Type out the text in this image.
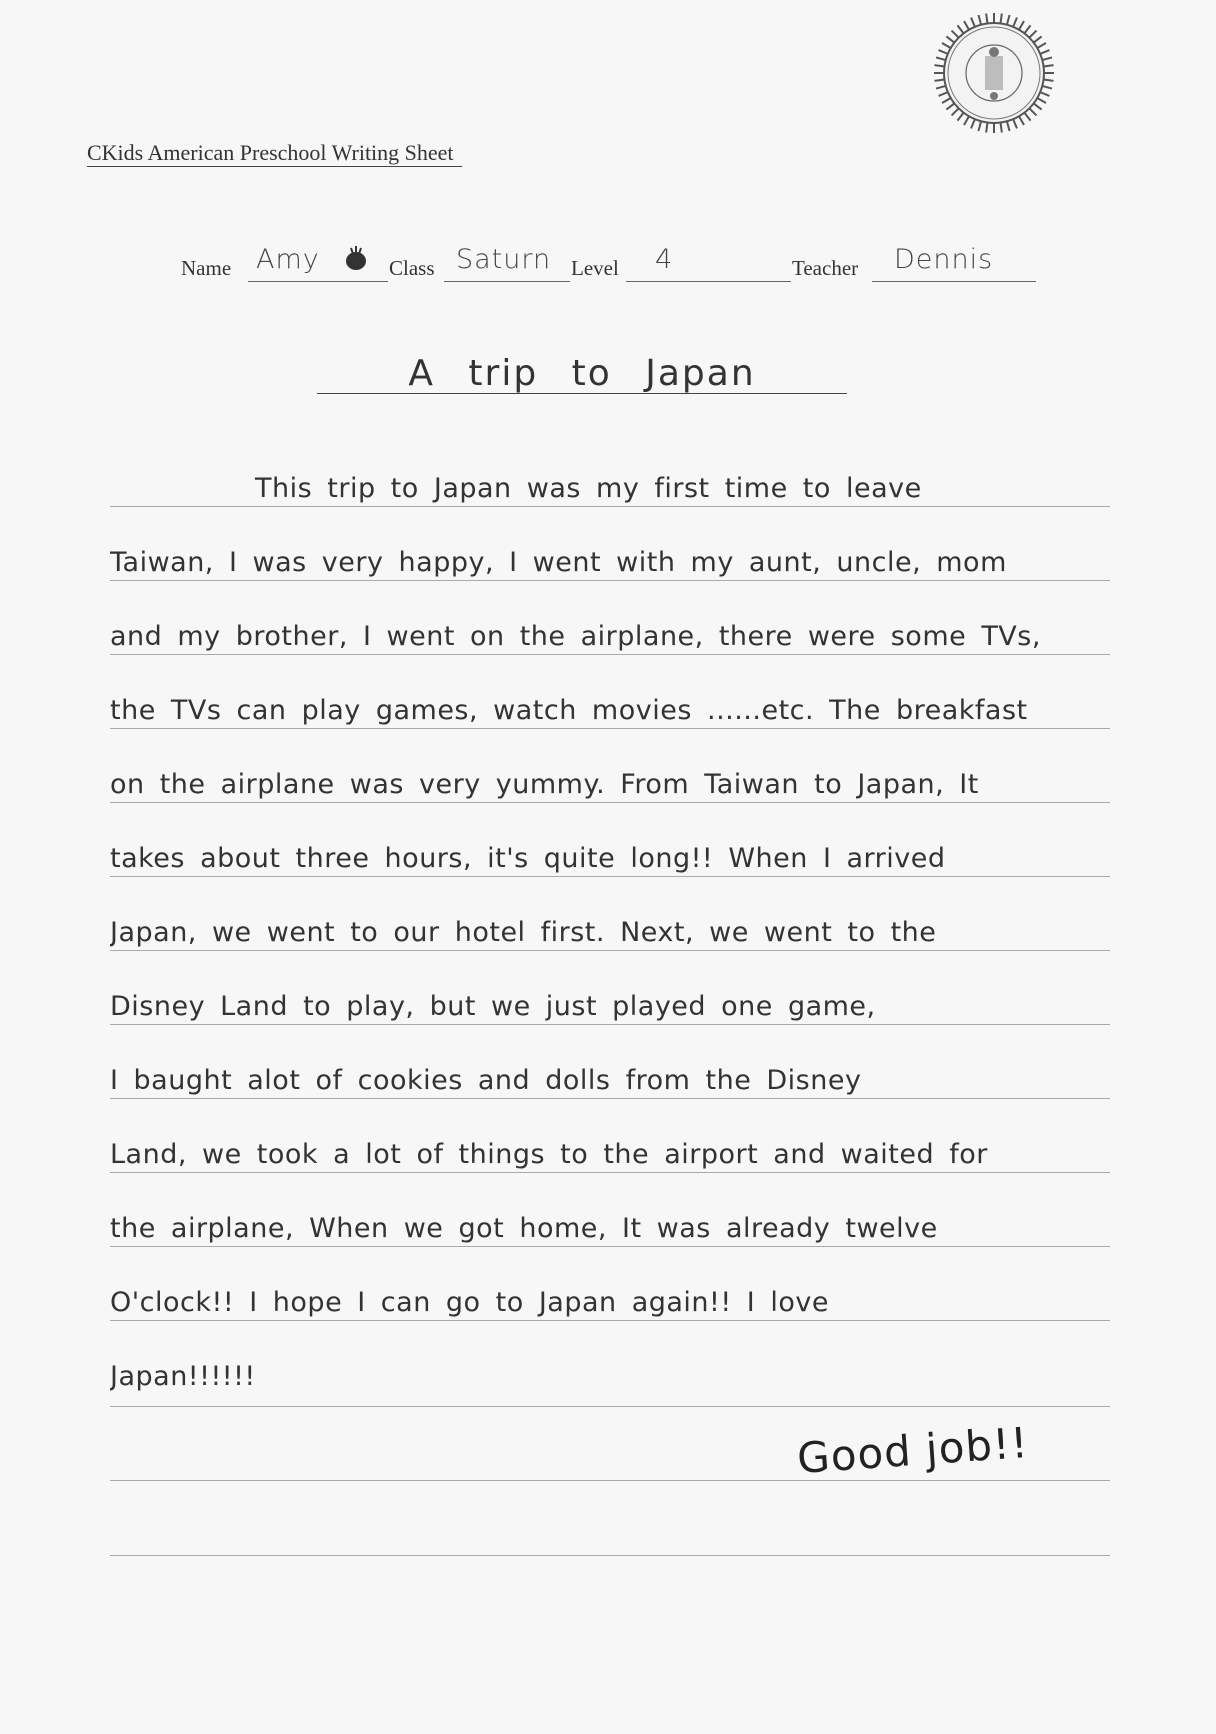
CKids American Preschool Writing Sheet
Name Amy	Class Saturn Level 4	Teacher Dennis
A trip to Japan
This trip to Japan was my first time to leave
Taiwan, I was very happy, I went with my aunt, uncle, mom
and my brother, I went on the airplane, there were some TVs,
the TVs can play games, watch movies ......etc. The breakfast
on the airplane was very yummy. From Taiwan to Japan, It
takes about three hours, it's quite long!! When I arrived
Japan, we went to our hotel first. Next, we went to the
Disney Land to play, but we just played one game,
I baught alot of cookies and dolls from the Disney
Land, we took a lot of things to the airport and waited for
the airplane, When we got home, It was already twelve
O'clock!! I hope I can go to Japan again!! I love
Japan!!!!!!
Good job!!
